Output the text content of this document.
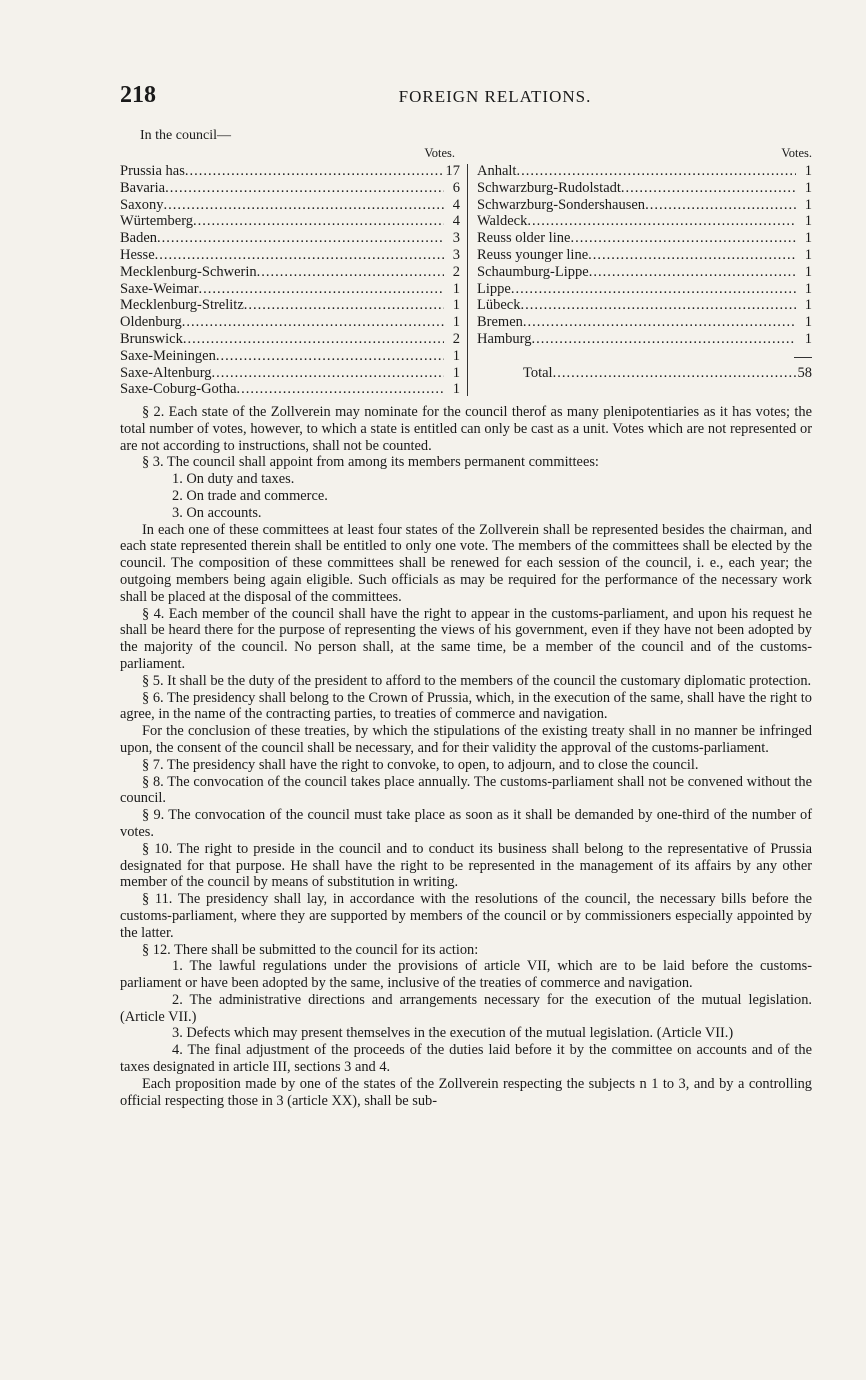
218	FOREIGN RELATIONS.
In the council—
Votes.
Prussia has .....	17
Bavaria .....	6
Saxony .....	4
Würtemberg .....	4
Baden .....	3
Hesse .....	3
Mecklenburg-Schwerin .....	2
Saxe-Weimar .....	1
Mecklenburg-Strelitz .....	1
Oldenburg .....	1
Brunswick .....	2
Saxe-Meiningen .....	1
Saxe-Altenburg .....	1
Saxe-Coburg-Gotha .....	1
Votes.
Anhalt .....	1
Schwarzburg-Rudolstadt .....	1
Schwarzburg-Sondershausen .....	1
Waldeck .....	1
Reuss older line .....	1
Reuss younger line .....	1
Schaumburg-Lippe .....	1
Lippe .....	1
Lübeck .....	1
Bremen .....	1
Hamburg .....	1
Total .....	58

§ 2. Each state of the Zollverein may nominate for the council therof as many plenipotentiaries as it has votes; the total number of votes, however, to which a state is entitled can only be cast as a unit. Votes which are not represented or are not according to instructions, shall not be counted.

§ 3. The council shall appoint from among its members permanent committees:

1. On duty and taxes.

2. On trade and commerce.

3. On accounts.

In each one of these committees at least four states of the Zollverein shall be represented besides the chairman, and each state represented therein shall be entitled to only one vote. The members of the committees shall be elected by the council. The composition of these committees shall be renewed for each session of the council, i. e., each year; the outgoing members being again eligible. Such officials as may be required for the performance of the necessary work shall be placed at the disposal of the committees.

§ 4. Each member of the council shall have the right to appear in the customs-parliament, and upon his request he shall be heard there for the purpose of representing the views of his government, even if they have not been adopted by the majority of the council. No person shall, at the same time, be a member of the council and of the customs-parliament.

§ 5. It shall be the duty of the president to afford to the members of the council the customary diplomatic protection.

§ 6. The presidency shall belong to the Crown of Prussia, which, in the execution of the same, shall have the right to agree, in the name of the contracting parties, to treaties of commerce and navigation.

For the conclusion of these treaties, by which the stipulations of the existing treaty shall in no manner be infringed upon, the consent of the council shall be necessary, and for their validity the approval of the customs-parliament.

§ 7. The presidency shall have the right to convoke, to open, to adjourn, and to close the council.

§ 8. The convocation of the council takes place annually. The customs-parliament shall not be convened without the council.

§ 9. The convocation of the council must take place as soon as it shall be demanded by one-third of the number of votes.

§ 10. The right to preside in the council and to conduct its business shall belong to the representative of Prussia designated for that purpose. He shall have the right to be represented in the management of its affairs by any other member of the council by means of substitution in writing.

§ 11. The presidency shall lay, in accordance with the resolutions of the council, the necessary bills before the customs-parliament, where they are supported by members of the council or by commissioners especially appointed by the latter.

§ 12. There shall be submitted to the council for its action:

1. The lawful regulations under the provisions of article VII, which are to be laid before the customs-parliament or have been adopted by the same, inclusive of the treaties of commerce and navigation.

2. The administrative directions and arrangements necessary for the execution of the mutual legislation. (Article VII.)

3. Defects which may present themselves in the execution of the mutual legislation. (Article VII.)

4. The final adjustment of the proceeds of the duties laid before it by the committee on accounts and of the taxes designated in article III, sections 3 and 4.

Each proposition made by one of the states of the Zollverein respecting the subjects n 1 to 3, and by a controlling official respecting those in 3 (article XX), shall be sub-
